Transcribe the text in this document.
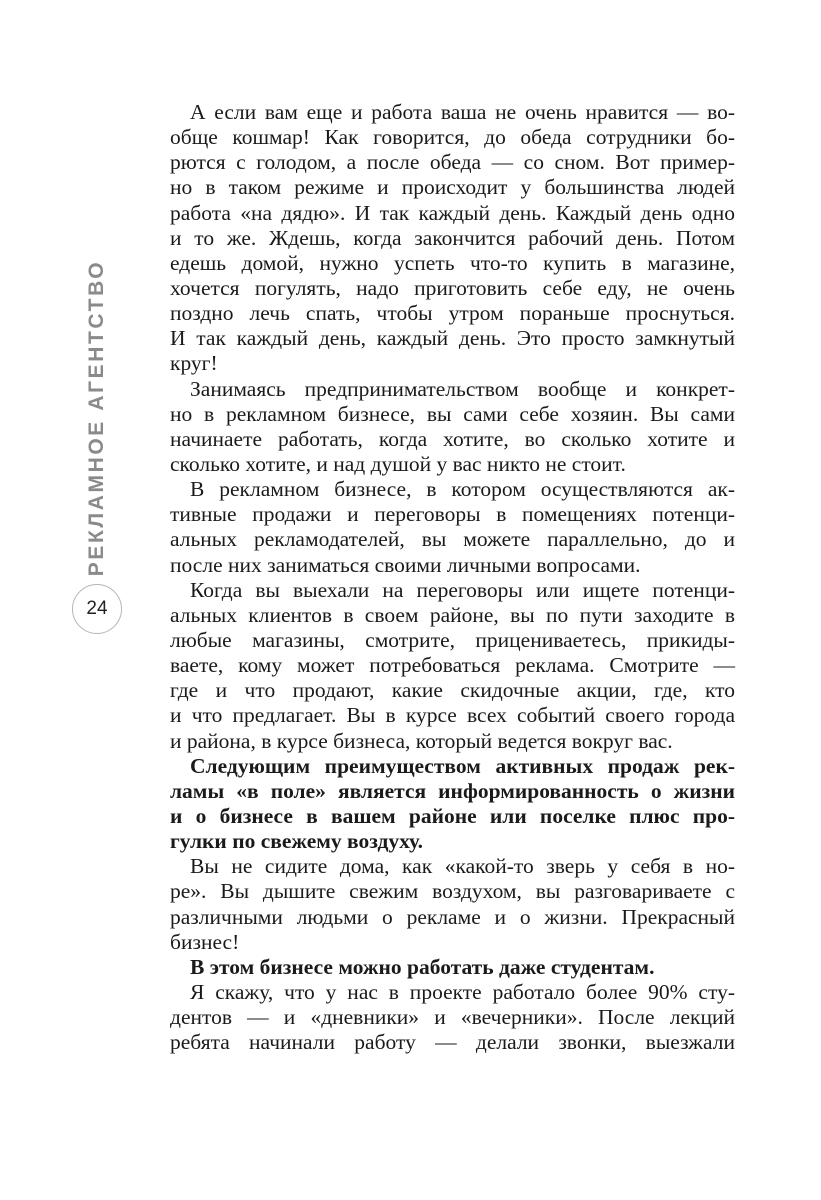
РЕКЛАМНОЕ АГЕНТСТВО
24
А если вам еще и работа ваша не очень нравится — во-
обще кошмар! Как говорится, до обеда сотрудники бо-
рются с голодом, а после обеда — со сном. Вот пример-
но в таком режиме и происходит у большинства людей
работа «на дядю». И так каждый день. Каждый день одно
и то же. Ждешь, когда закончится рабочий день. Потом
едешь домой, нужно успеть что-то купить в магазине,
хочется погулять, надо приготовить себе еду, не очень
поздно лечь спать, чтобы утром пораньше проснуться.
И так каждый день, каждый день. Это просто замкнутый
круг!
Занимаясь предпринимательством вообще и конкрет-
но в рекламном бизнесе, вы сами себе хозяин. Вы сами
начинаете работать, когда хотите, во сколько хотите и
сколько хотите, и над душой у вас никто не стоит.
В рекламном бизнесе, в котором осуществляются ак-
тивные продажи и переговоры в помещениях потенци-
альных рекламодателей, вы можете параллельно, до и
после них заниматься своими личными вопросами.
Когда вы выехали на переговоры или ищете потенци-
альных клиентов в своем районе, вы по пути заходите в
любые магазины, смотрите, прицениваетесь, прикиды-
ваете, кому может потребоваться реклама. Смотрите —
где и что продают, какие скидочные акции, где, кто
и что предлагает. Вы в курсе всех событий своего города
и района, в курсе бизнеса, который ведется вокруг вас.
Следующим преимуществом активных продаж рек-
ламы «в поле» является информированность о жизни
и о бизнесе в вашем районе или поселке плюс про-
гулки по свежему воздуху.
Вы не сидите дома, как «какой-то зверь у себя в но-
ре». Вы дышите свежим воздухом, вы разговариваете с
различными людьми о рекламе и о жизни. Прекрасный
бизнес!
В этом бизнесе можно работать даже студентам.
Я скажу, что у нас в проекте работало более 90% сту-
дентов — и «дневники» и «вечерники». После лекций
ребята начинали работу — делали звонки, выезжали
